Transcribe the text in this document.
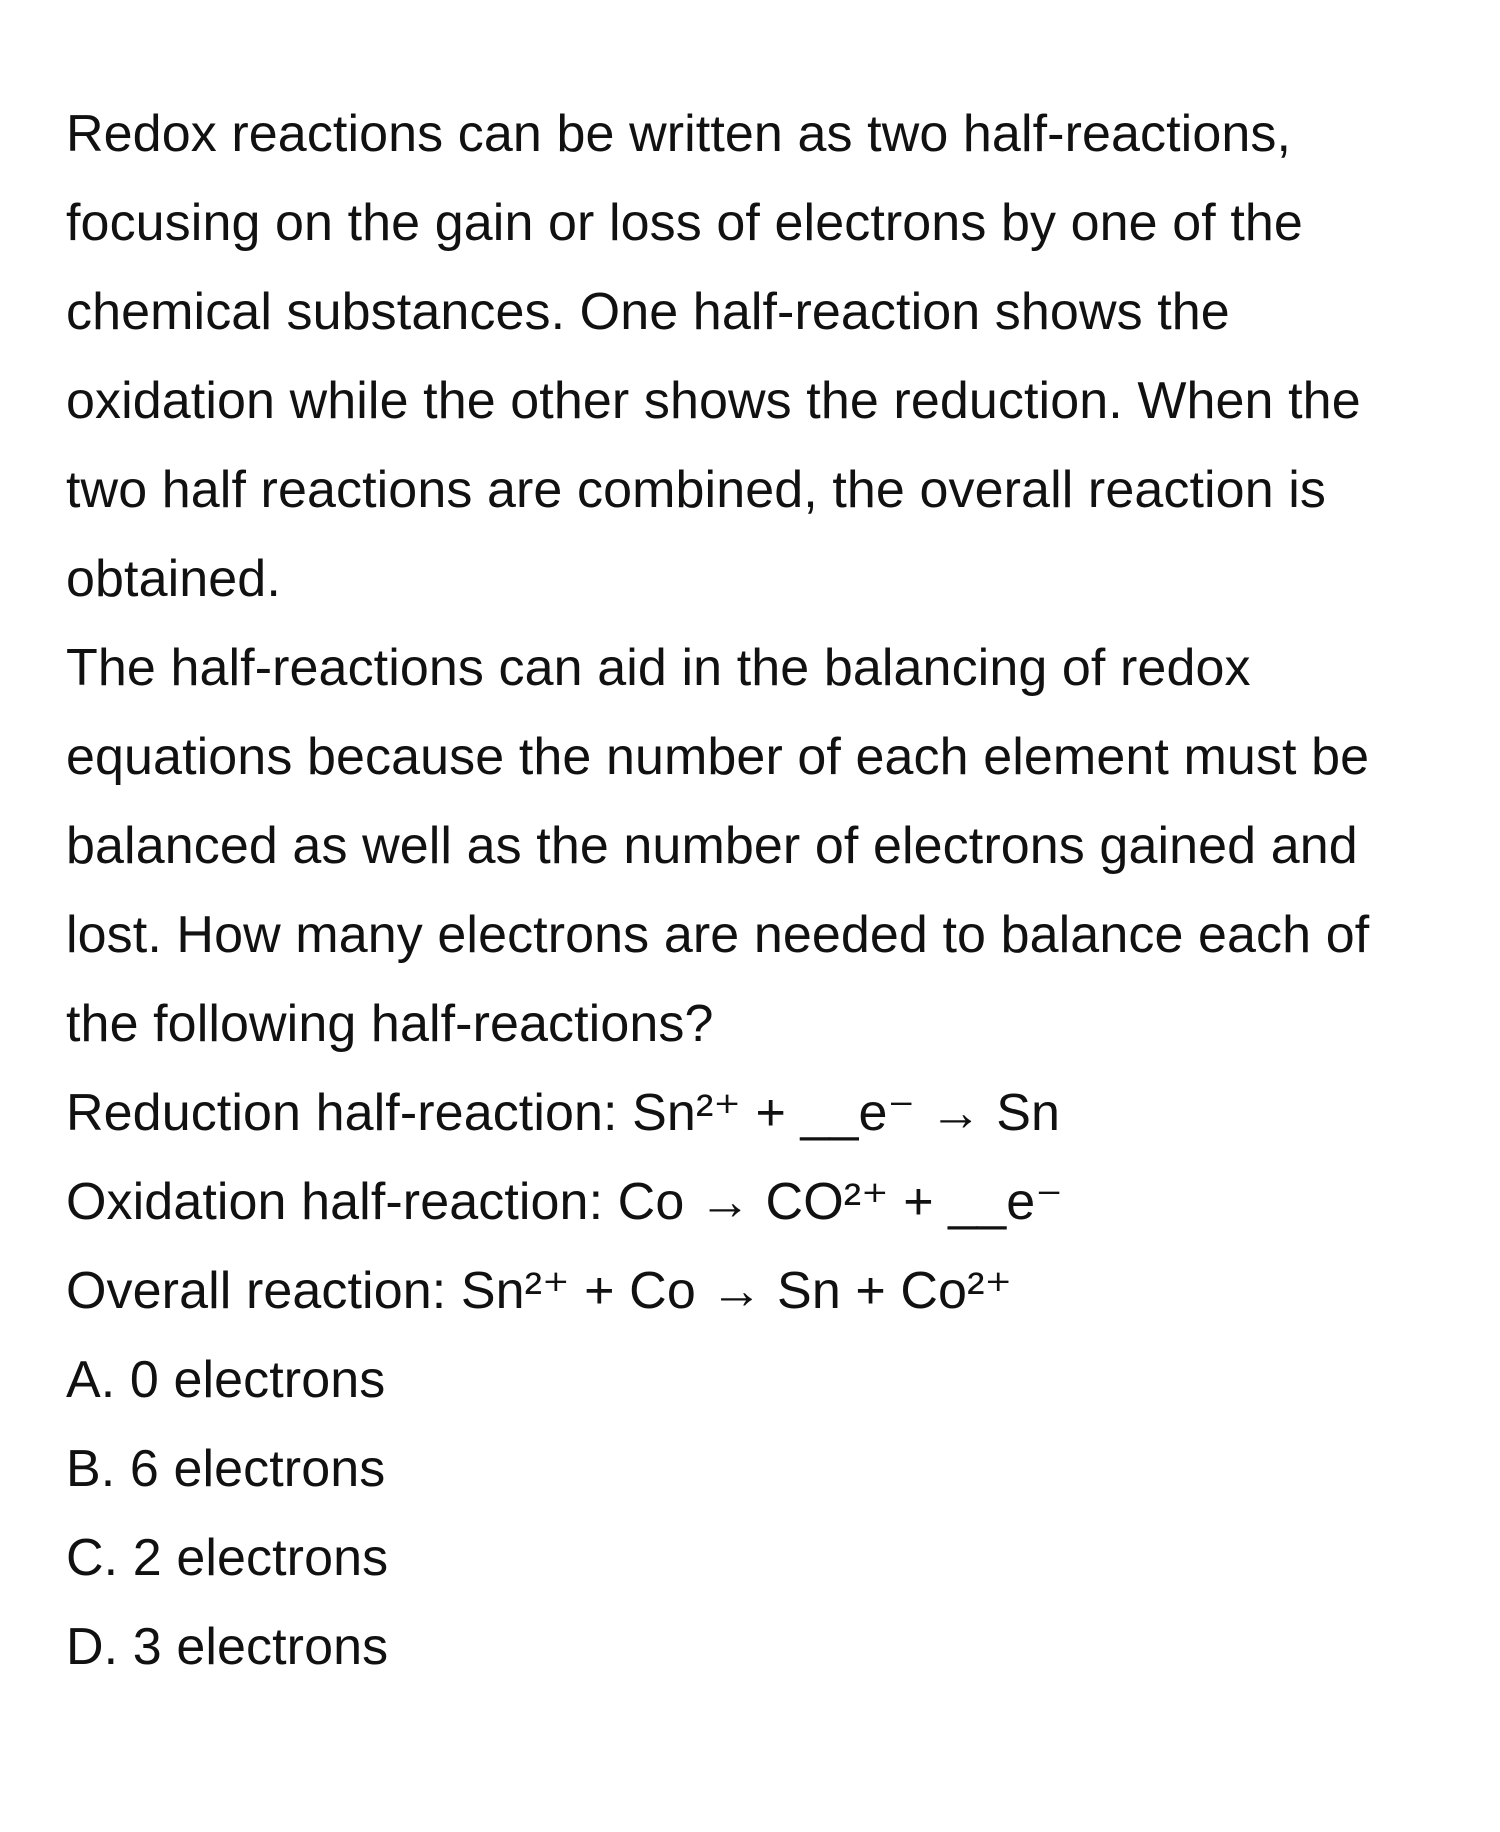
Redox reactions can be written as two half-reactions, focusing on the gain or loss of electrons by one of the chemical substances. One half-reaction shows the oxidation while the other shows the reduction. When the two half reactions are combined, the overall reaction is obtained.

The half-reactions can aid in the balancing of redox equations because the number of each element must be balanced as well as the number of electrons gained and lost. How many electrons are needed to balance each of the following half-reactions?

Reduction half-reaction: Sn²⁺ + __e⁻ → Sn

Oxidation half-reaction: Co → CO²⁺ + __e⁻

Overall reaction: Sn²⁺ + Co → Sn + Co²⁺

A. 0 electrons

B. 6 electrons

C. 2 electrons

D. 3 electrons
